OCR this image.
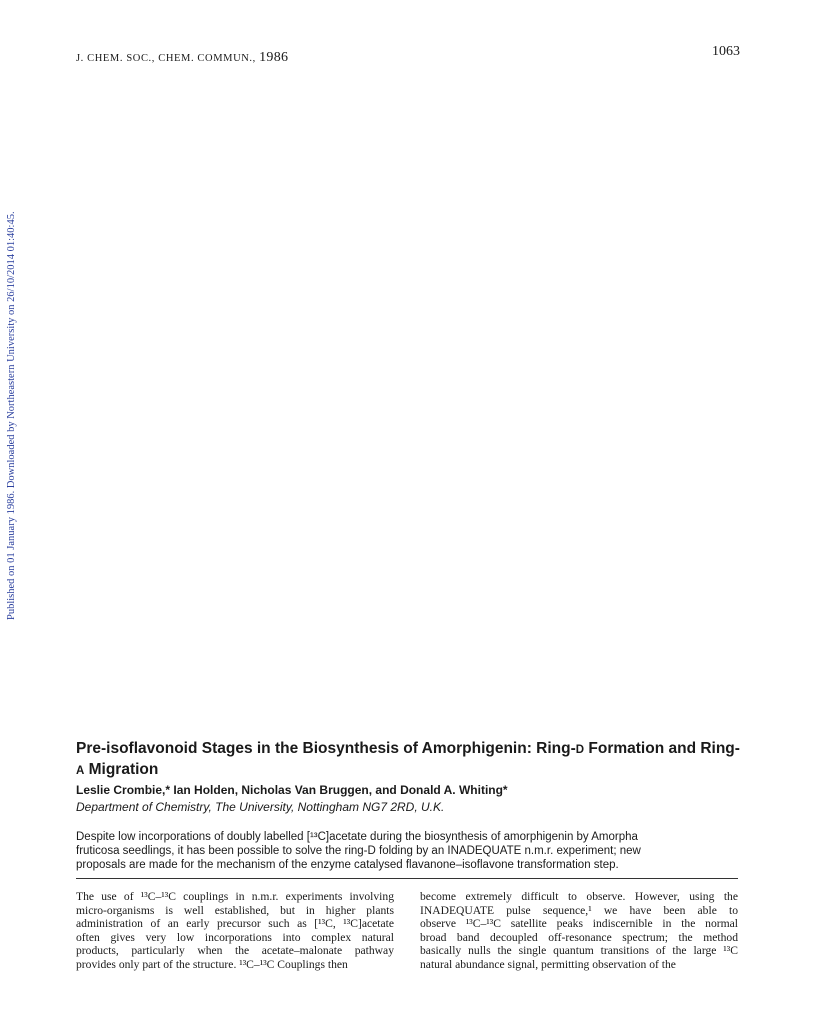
J. CHEM. SOC., CHEM. COMMUN., 1986	1063
Published on 01 January 1986. Downloaded by Northeastern University on 26/10/2014 01:40:45.
Pre-isoflavonoid Stages in the Biosynthesis of Amorphigenin: Ring-D Formation and Ring-A Migration
Leslie Crombie,* Ian Holden, Nicholas Van Bruggen, and Donald A. Whiting*
Department of Chemistry, The University, Nottingham NG7 2RD, U.K.
Despite low incorporations of doubly labelled [¹³C]acetate during the biosynthesis of amorphigenin by Amorpha
fruticosa seedlings, it has been possible to solve the ring-D folding by an INADEQUATE n.m.r. experiment; new
proposals are made for the mechanism of the enzyme catalysed flavanone–isoflavone transformation step.
The use of ¹³C–¹³C couplings in n.m.r. experiments involving
micro-organisms is well established, but in higher plants
administration of an early precursor such as [¹³C, ¹³C]acetate
often gives very low incorporations into complex natural
products, particularly when the acetate–malonate pathway
provides only part of the structure. ¹³C–¹³C Couplings then
become extremely difficult to observe. However, using the
INADEQUATE pulse sequence,¹ we have been able to
observe ¹³C–¹³C satellite peaks indiscernible in the normal
broad band decoupled off-resonance spectrum; the method
basically nulls the single quantum transitions of the large ¹³C
natural abundance signal, permitting observation of the
